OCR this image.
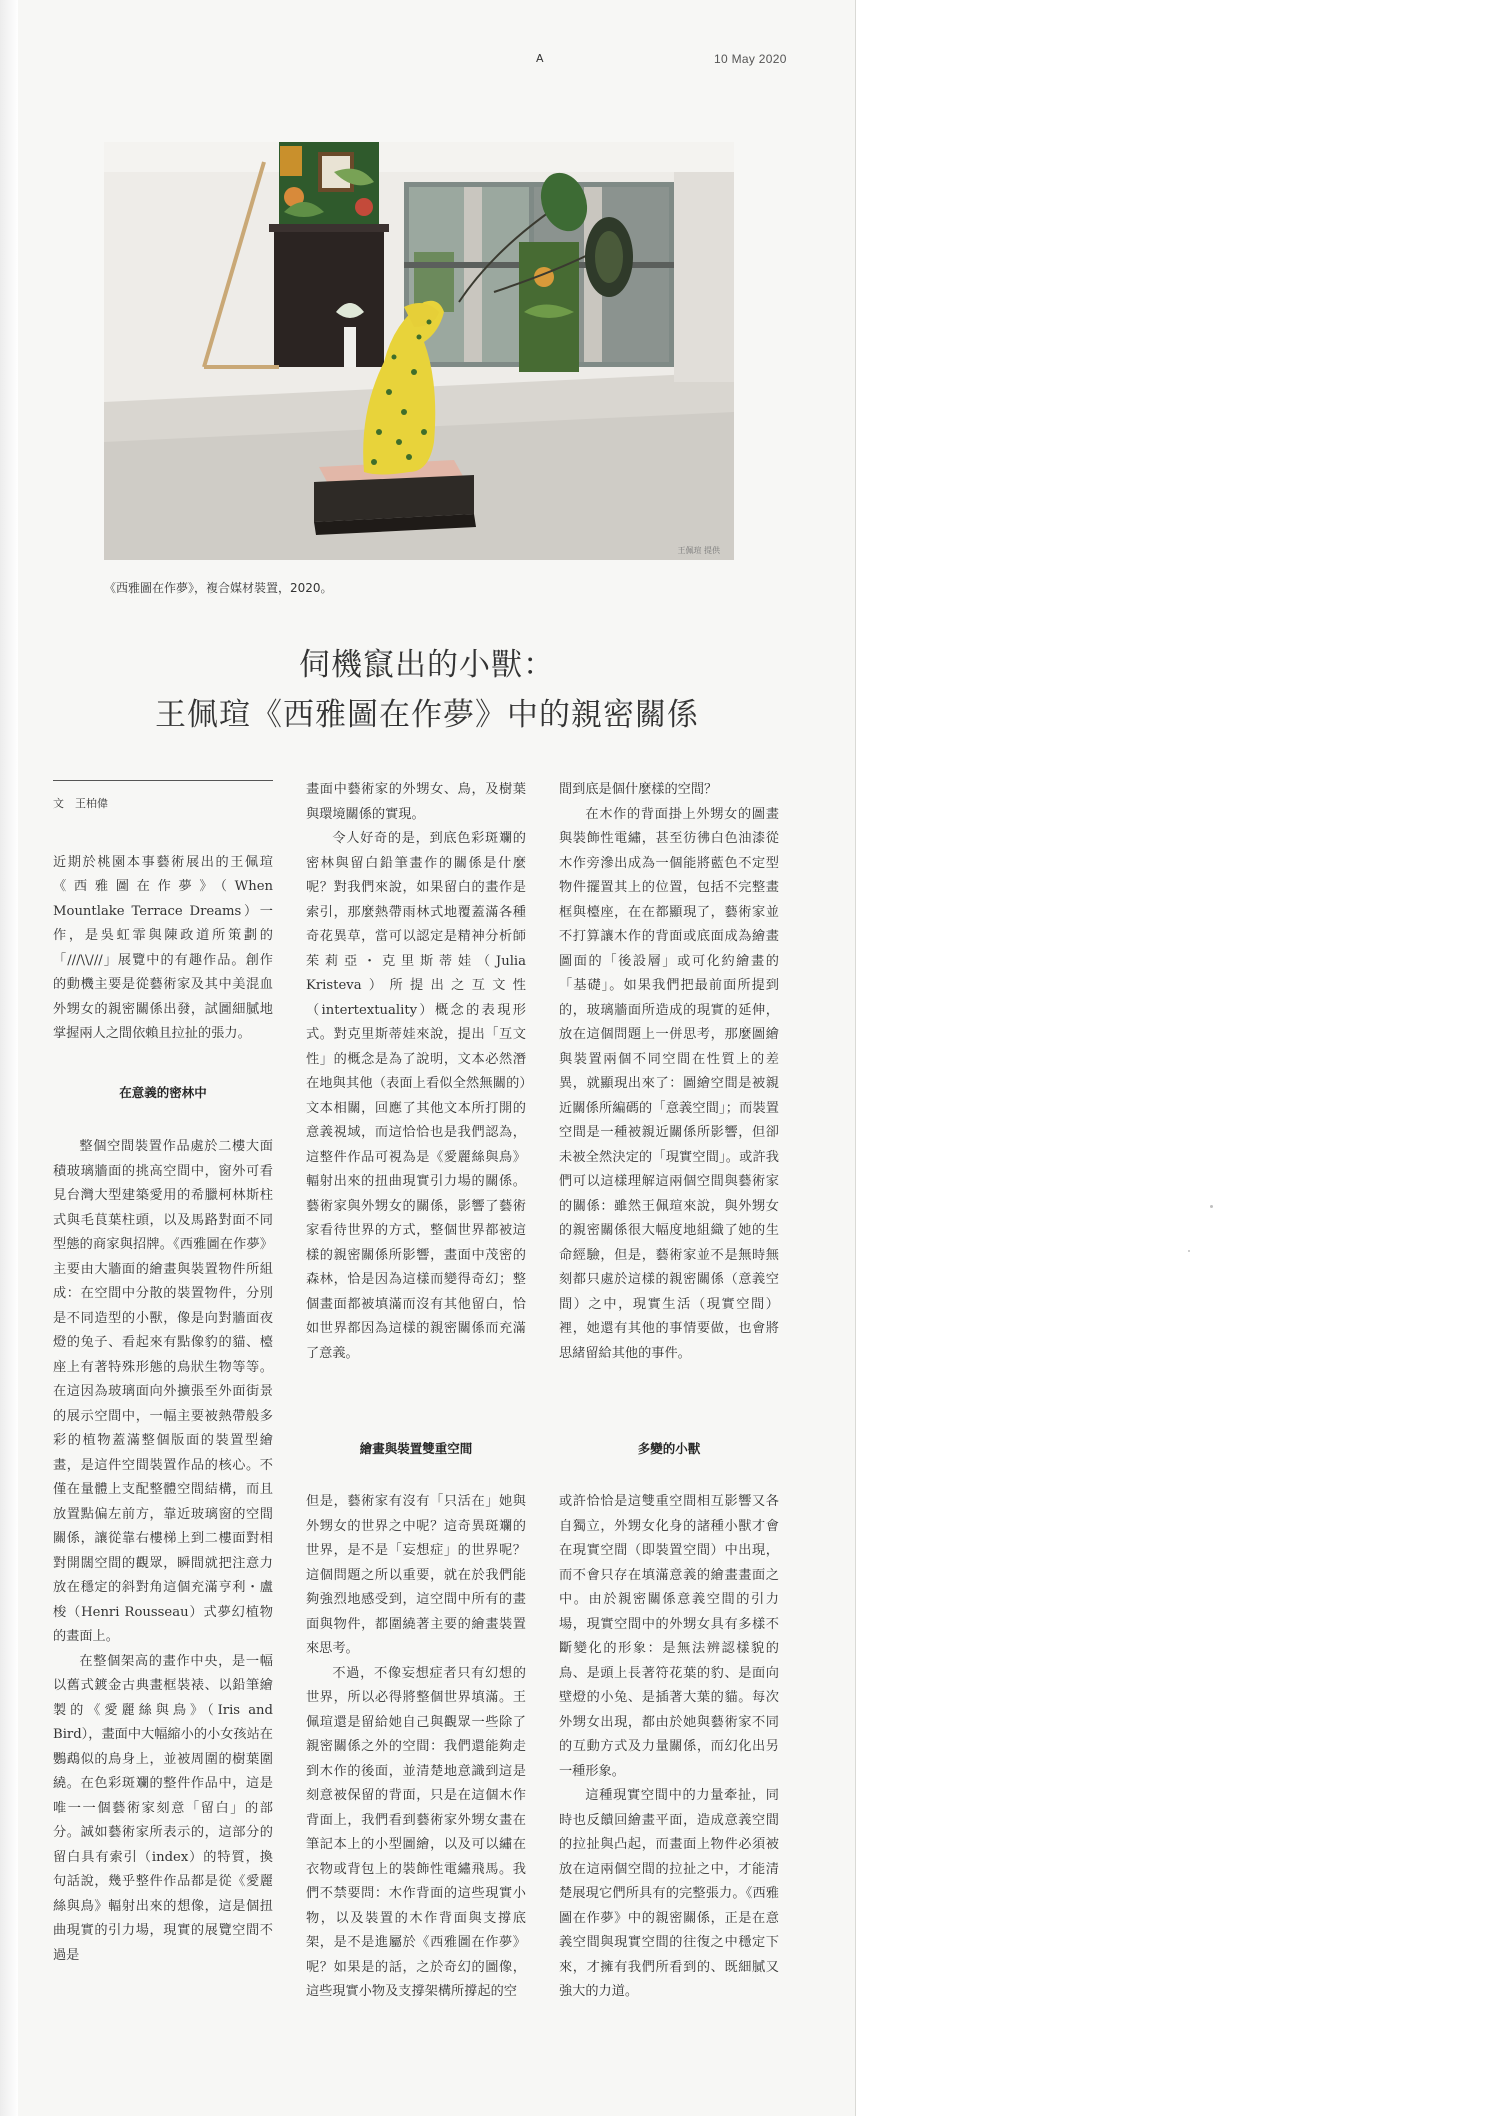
A	10 May 2020
王佩瑄 提供
《西雅圖在作夢》，複合媒材裝置，2020。
伺機竄出的小獸：
王佩瑄《西雅圖在作夢》中的親密關係
文　王柏偉

近期於桃園本事藝術展出的王佩瑄《西雅圖在作夢》（When Mountlake Terrace Dreams）一作，是吳虹霏與陳政道所策劃的「///\\///」展覽中的有趣作品。創作的動機主要是從藝術家及其中美混血外甥女的親密關係出發，試圖細膩地掌握兩人之間依賴且拉扯的張力。

在意義的密林中

整個空間裝置作品處於二樓大面積玻璃牆面的挑高空間中，窗外可看見台灣大型建築愛用的希臘柯林斯柱式與毛茛葉柱頭，以及馬路對面不同型態的商家與招牌。《西雅圖在作夢》主要由大牆面的繪畫與裝置物件所組成：在空間中分散的裝置物件，分別是不同造型的小獸，像是向對牆面夜燈的兔子、看起來有點像豹的貓、檯座上有著特殊形態的鳥狀生物等等。在這因為玻璃面向外擴張至外面街景的展示空間中，一幅主要被熱帶般多彩的植物蓋滿整個版面的裝置型繪畫，是這件空間裝置作品的核心。不僅在量體上支配整體空間結構，而且放置點偏左前方，靠近玻璃窗的空間關係，讓從靠右樓梯上到二樓面對相對開闊空間的觀眾，瞬間就把注意力放在穩定的斜對角這個充滿亨利・盧梭（Henri Rousseau）式夢幻植物的畫面上。

在整個架高的畫作中央，是一幅以舊式鍍金古典畫框裝裱、以鉛筆繪製的《愛麗絲與鳥》（Iris and Bird），畫面中大幅縮小的小女孩站在鸚鵡似的鳥身上，並被周圍的樹葉圍繞。在色彩斑斕的整件作品中，這是唯一一個藝術家刻意「留白」的部分。誠如藝術家所表示的，這部分的留白具有索引（index）的特質，換句話說，幾乎整件作品都是從《愛麗絲與鳥》輻射出來的想像，這是個扭曲現實的引力場，現實的展覽空間不過是

畫面中藝術家的外甥女、鳥，及樹葉與環境關係的實現。

令人好奇的是，到底色彩斑斕的密林與留白鉛筆畫作的關係是什麼呢？對我們來說，如果留白的畫作是索引，那麼熱帶雨林式地覆蓋滿各種奇花異草，當可以認定是精神分析師茱莉亞・克里斯蒂娃（Julia Kristeva）所提出之互文性（intertextuality）概念的表現形式。對克里斯蒂娃來說，提出「互文性」的概念是為了說明，文本必然潛在地與其他（表面上看似全然無關的）文本相關，回應了其他文本所打開的意義視域，而這恰恰也是我們認為，這整件作品可視為是《愛麗絲與鳥》輻射出來的扭曲現實引力場的關係。藝術家與外甥女的關係，影響了藝術家看待世界的方式，整個世界都被這樣的親密關係所影響，畫面中茂密的森林，恰是因為這樣而變得奇幻；整個畫面都被填滿而沒有其他留白，恰如世界都因為這樣的親密關係而充滿了意義。

繪畫與裝置雙重空間

但是，藝術家有沒有「只活在」她與外甥女的世界之中呢？這奇異斑斕的世界，是不是「妄想症」的世界呢？這個問題之所以重要，就在於我們能夠強烈地感受到，這空間中所有的畫面與物件，都圍繞著主要的繪畫裝置來思考。

不過，不像妄想症者只有幻想的世界，所以必得將整個世界填滿。王佩瑄還是留給她自己與觀眾一些除了親密關係之外的空間：我們還能夠走到木作的後面，並清楚地意識到這是刻意被保留的背面，只是在這個木作背面上，我們看到藝術家外甥女畫在筆記本上的小型圖繪，以及可以繡在衣物或背包上的裝飾性電繡飛馬。我們不禁要問：木作背面的這些現實小物，以及裝置的木作背面與支撐底架，是不是進屬於《西雅圖在作夢》呢？如果是的話，之於奇幻的圖像，這些現實小物及支撐架構所撐起的空

間到底是個什麼樣的空間？

在木作的背面掛上外甥女的圖畫與裝飾性電繡，甚至彷彿白色油漆從木作旁滲出成為一個能將藍色不定型物件擺置其上的位置，包括不完整畫框與檯座，在在都顯現了，藝術家並不打算讓木作的背面或底面成為繪畫圖面的「後設層」或可化約繪畫的「基礎」。如果我們把最前面所提到的，玻璃牆面所造成的現實的延伸，放在這個問題上一併思考，那麼圖繪與裝置兩個不同空間在性質上的差異，就顯現出來了：圖繪空間是被親近關係所編碼的「意義空間」；而裝置空間是一種被親近關係所影響，但卻未被全然決定的「現實空間」。或許我們可以這樣理解這兩個空間與藝術家的關係：雖然王佩瑄來說，與外甥女的親密關係很大幅度地組織了她的生命經驗，但是，藝術家並不是無時無刻都只處於這樣的親密關係（意義空間）之中，現實生活（現實空間）裡，她還有其他的事情要做，也會將思緒留給其他的事件。

多變的小獸

或許恰恰是這雙重空間相互影響又各自獨立，外甥女化身的諸種小獸才會在現實空間（即裝置空間）中出現，而不會只存在填滿意義的繪畫畫面之中。由於親密關係意義空間的引力場，現實空間中的外甥女具有多樣不斷變化的形象：是無法辨認樣貌的鳥、是頭上長著符花葉的豹、是面向壁燈的小兔、是插著大葉的貓。每次外甥女出現，都由於她與藝術家不同的互動方式及力量關係，而幻化出另一種形象。

這種現實空間中的力量牽扯，同時也反饋回繪畫平面，造成意義空間的拉扯與凸起，而畫面上物件必須被放在這兩個空間的拉扯之中，才能清楚展現它們所具有的完整張力。《西雅圖在作夢》中的親密關係，正是在意義空間與現實空間的往復之中穩定下來，才擁有我們所看到的、既細膩又強大的力道。
